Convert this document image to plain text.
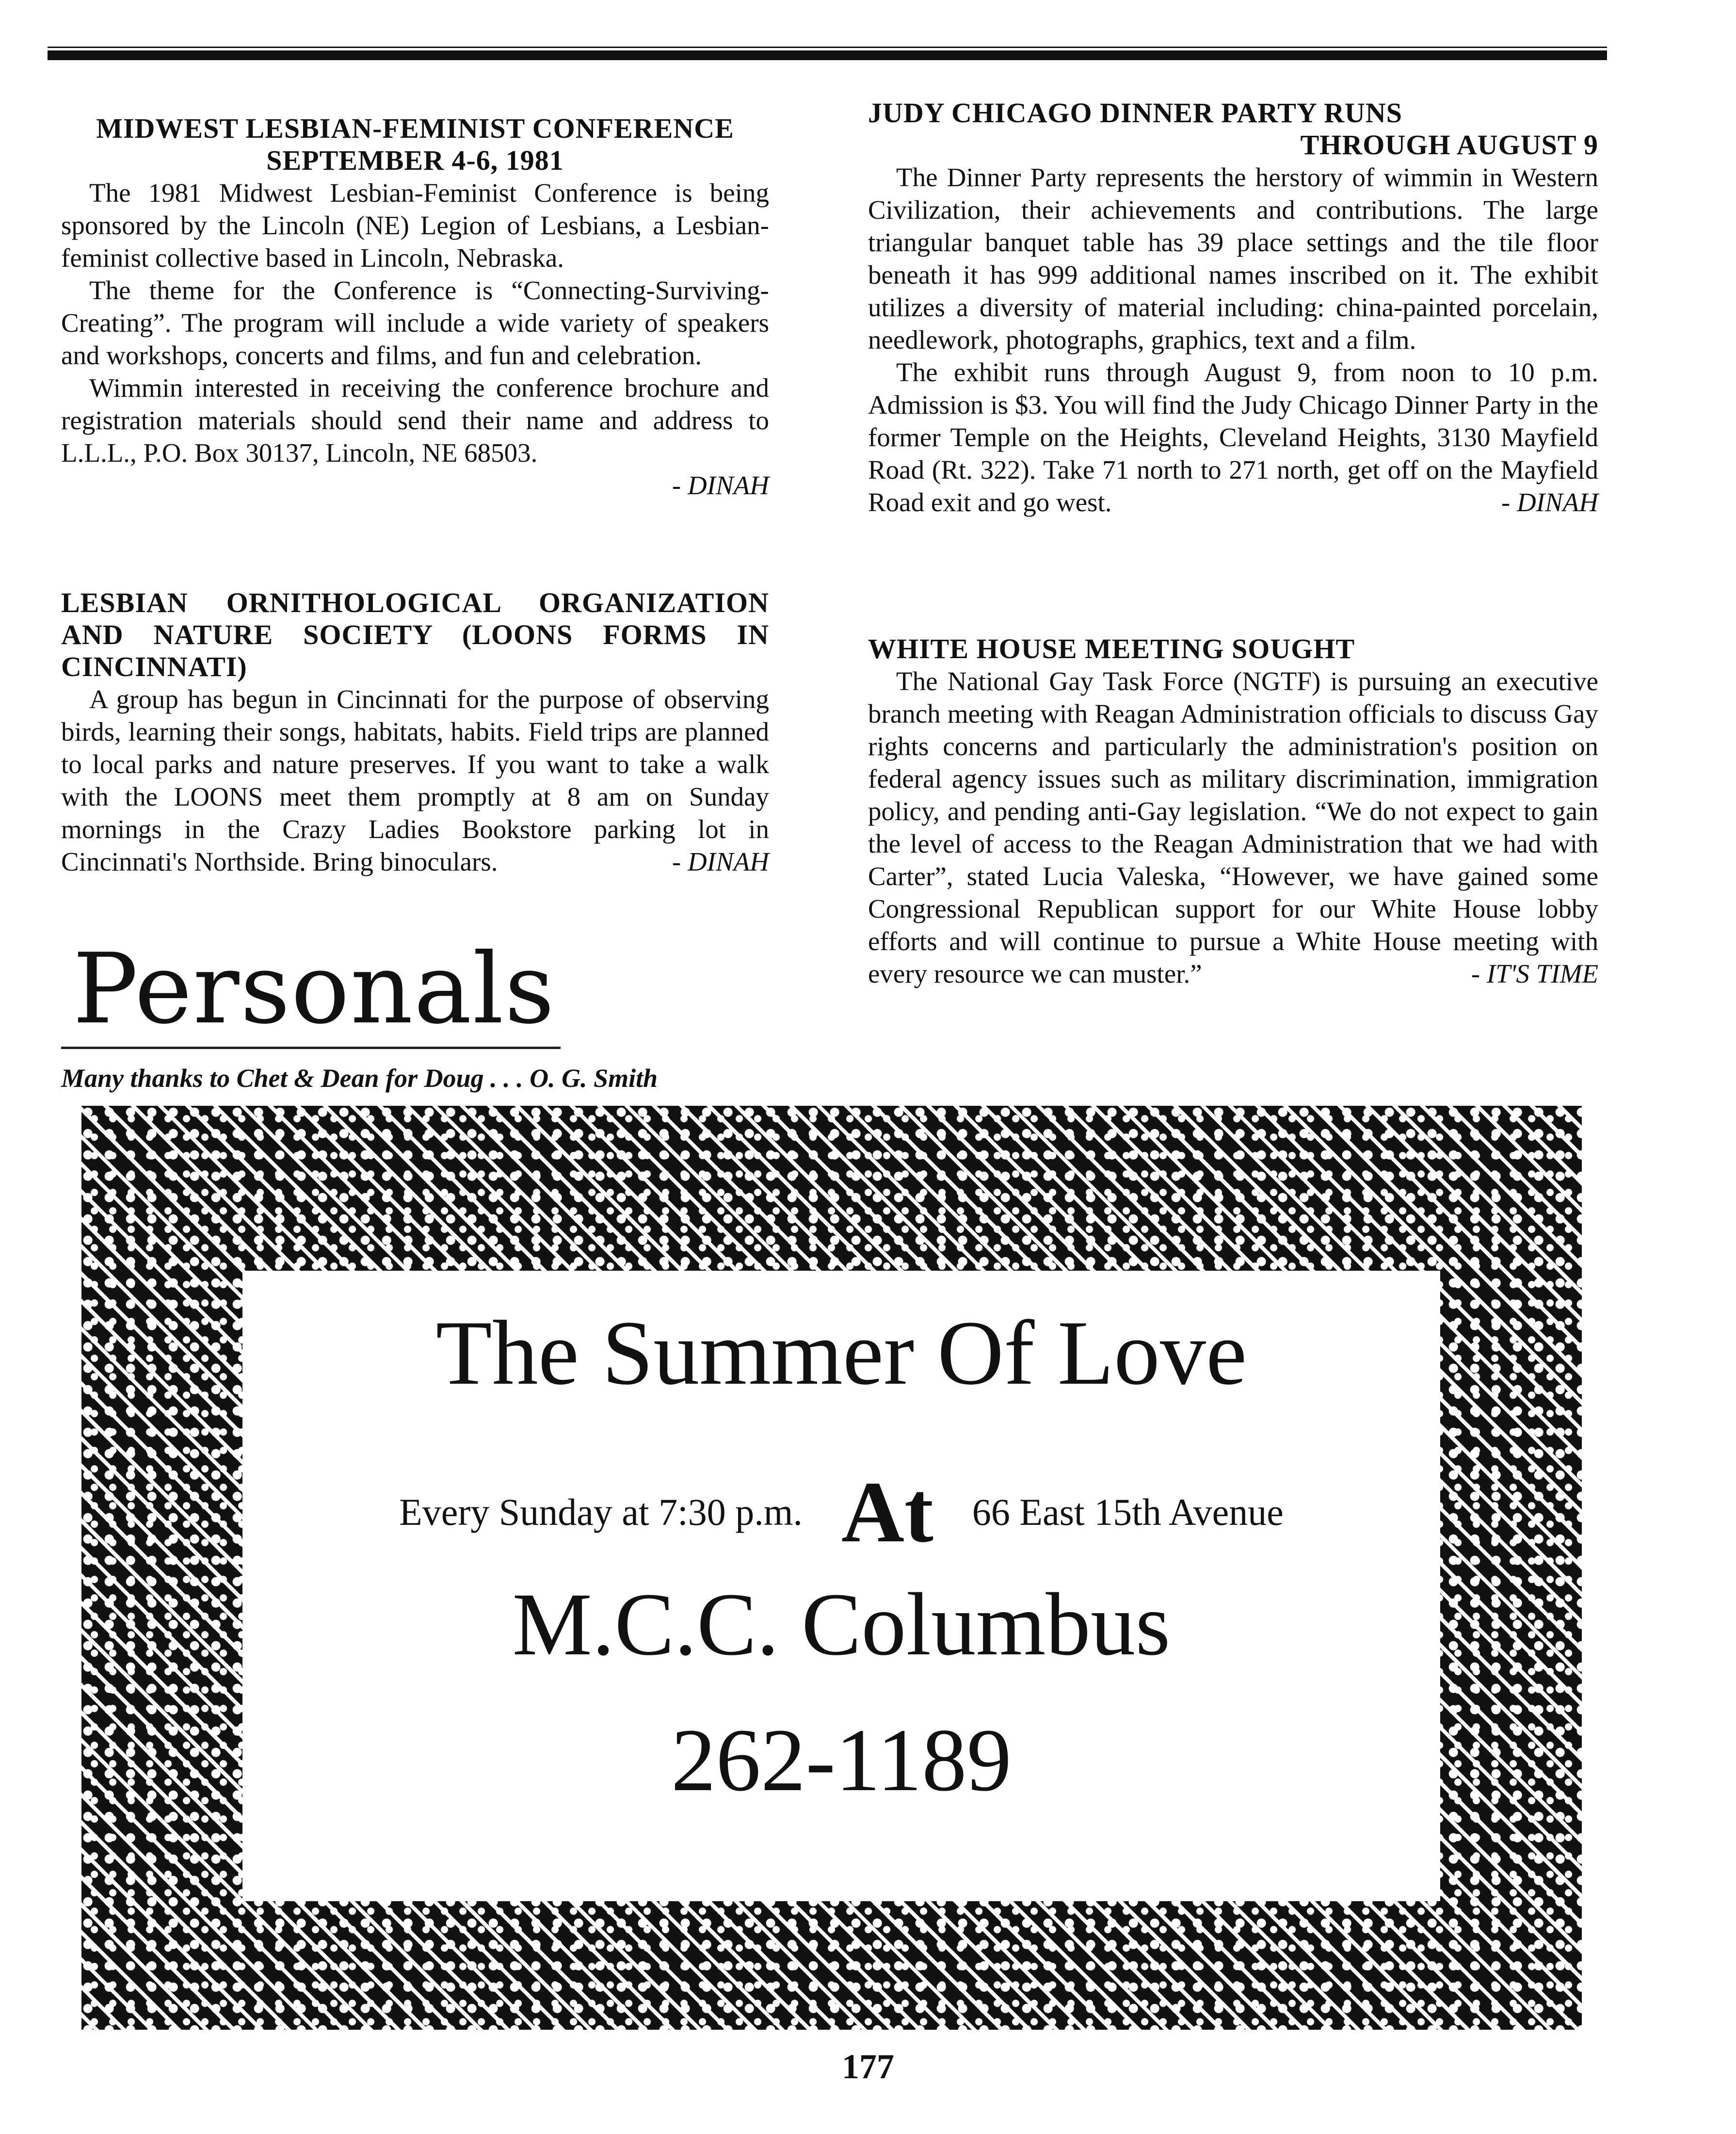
MIDWEST LESBIAN-FEMINIST CONFERENCE
SEPTEMBER 4-6, 1981

The 1981 Midwest Lesbian-Feminist Conference is being sponsored by the Lincoln (NE) Legion of Lesbians, a Lesbian-feminist collective based in Lincoln, Nebraska.

The theme for the Conference is “Connecting-Surviving-Creating”. The program will include a wide variety of speakers and workshops, concerts and films, and fun and celebration.

Wimmin interested in receiving the conference brochure and registration materials should send their name and address to L.L.L., P.O. Box 30137, Lincoln, NE 68503.

- DINAH
LESBIAN ORNITHOLOGICAL ORGANIZATION AND NATURE SOCIETY (LOONS FORMS IN CINCINNATI)

A group has begun in Cincinnati for the purpose of observing birds, learning their songs, habitats, habits. Field trips are planned to local parks and nature preserves. If you want to take a walk with the LOONS meet them promptly at 8 am on Sunday mornings in the Crazy Ladies Bookstore parking lot in Cincinnati's Northside. Bring binoculars.	- DINAH
Personals
Many thanks to Chet & Dean for Doug . . . O. G. Smith
JUDY CHICAGO DINNER PARTY RUNS

THROUGH AUGUST 9

The Dinner Party represents the herstory of wimmin in Western Civilization, their achievements and contributions. The large triangular banquet table has 39 place settings and the tile floor beneath it has 999 additional names inscribed on it. The exhibit utilizes a diversity of material including: china-painted porcelain, needlework, photographs, graphics, text and a film.

The exhibit runs through August 9, from noon to 10 p.m. Admission is $3. You will find the Judy Chicago Dinner Party in the former Temple on the Heights, Cleveland Heights, 3130 Mayfield Road (Rt. 322). Take 71 north to 271 north, get off on the Mayfield Road exit and go west.	- DINAH
WHITE HOUSE MEETING SOUGHT

The National Gay Task Force (NGTF) is pursuing an executive branch meeting with Reagan Administration officials to discuss Gay rights concerns and particularly the administration's position on federal agency issues such as military discrimination, immigration policy, and pending anti-Gay legislation. “We do not expect to gain the level of access to the Reagan Administration that we had with Carter”, stated Lucia Valeska, “However, we have gained some Congressional Republican support for our White House lobby efforts and will continue to pursue a White House meeting with every resource we can muster.”	- IT'S TIME
The Summer Of Love
Every Sunday at 7:30 p.m. At 66 East 15th Avenue
M.C.C. Columbus
262-1189
177
